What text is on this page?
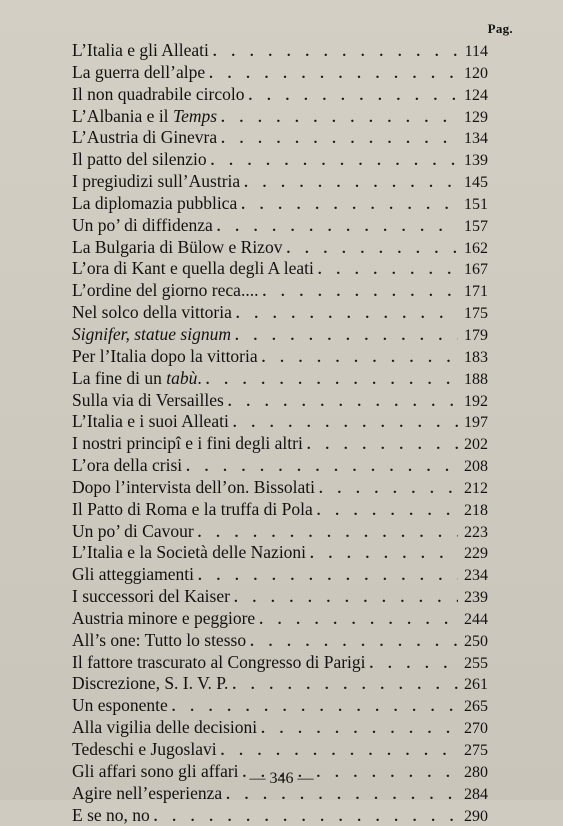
Pag.
L’Italia e gli Alleati . . .	114
La guerra dell’alpe . . .	120
Il non quadrabile circolo . . .	124
L’Albania e il Temps . . .	129
L’Austria di Ginevra . . .	134
Il patto del silenzio . . .	139
I pregiudizi sull’Austria . . .	145
La diplomazia pubblica . . .	151
Un po’ di diffidenza . . .	157
La Bulgaria di Bülow e Rizov . . .	162
L’ora di Kant e quella degli A leati . . .	167
L’ordine del giorno reca.... . . .	171
Nel solco della vittoria . . .	175
Signifer, statue signum . . .	179
Per l’Italia dopo la vittoria . . .	183
La fine di un tabù. . . .	188
Sulla via di Versailles . . .	192
L’Italia e i suoi Alleati . . .	197
I nostri principî e i fini degli altri . . .	202
L’ora della crisi . . .	208
Dopo l’intervista dell’on. Bissolati . . .	212
Il Patto di Roma e la truffa di Pola . . .	218
Un po’ di Cavour . . .	223
L’Italia e la Società delle Nazioni . . .	229
Gli atteggiamenti . . .	234
I successori del Kaiser . . .	239
Austria minore e peggiore . . .	244
All’s one: Tutto lo stesso . . .	250
Il fattore trascurato al Congresso di Parigi . . .	255
Discrezione, S. I. V. P. . . .	261
Un esponente . . .	265
Alla vigilia delle decisioni . . .	270
Tedeschi e Jugoslavi . . .	275
Gli affari sono gli affari . . .	280
Agire nell’esperienza . . .	284
E se no, no . . .	290
— 346 —
